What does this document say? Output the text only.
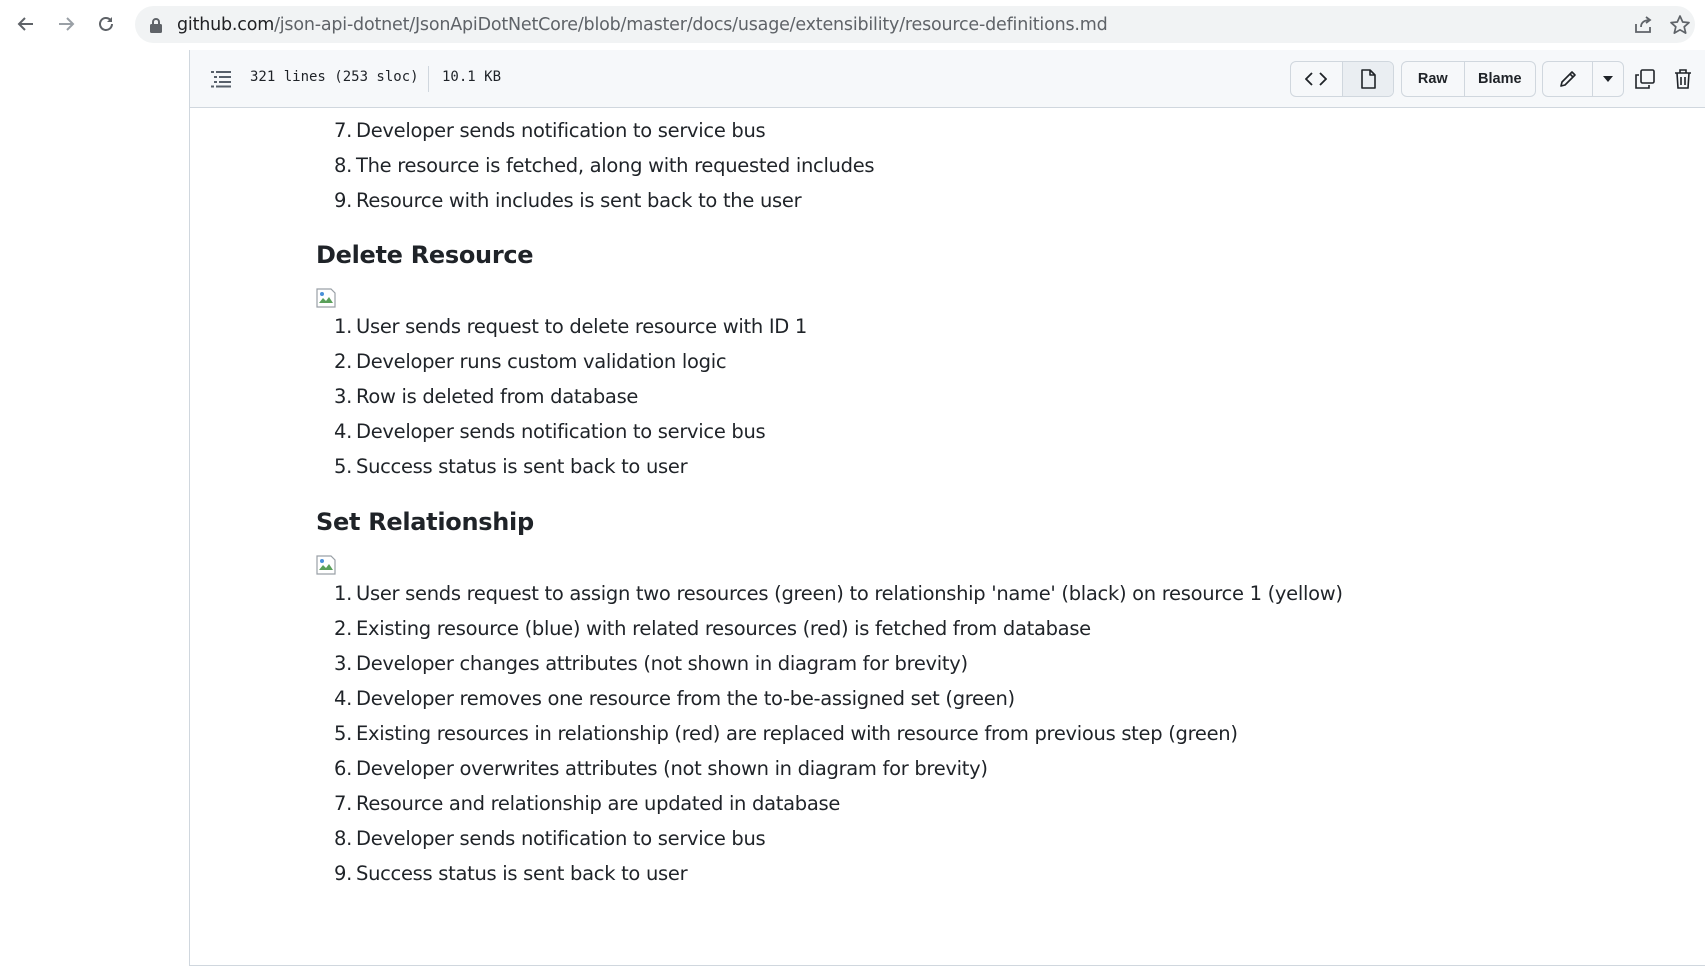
github.com/json-api-dotnet/JsonApiDotNetCore/blob/master/docs/usage/extensibility/resource-definitions.md
321 lines (253 sloc) 10.1 KB	Raw	Blame
7. Developer sends notification to service bus
8. The resource is fetched, along with requested includes
9. Resource with includes is sent back to the user
Delete Resource
1. User sends request to delete resource with ID 1
2. Developer runs custom validation logic
3. Row is deleted from database
4. Developer sends notification to service bus
5. Success status is sent back to user
Set Relationship
1. User sends request to assign two resources (green) to relationship 'name' (black) on resource 1 (yellow)
2. Existing resource (blue) with related resources (red) is fetched from database
3. Developer changes attributes (not shown in diagram for brevity)
4. Developer removes one resource from the to-be-assigned set (green)
5. Existing resources in relationship (red) are replaced with resource from previous step (green)
6. Developer overwrites attributes (not shown in diagram for brevity)
7. Resource and relationship are updated in database
8. Developer sends notification to service bus
9. Success status is sent back to user
